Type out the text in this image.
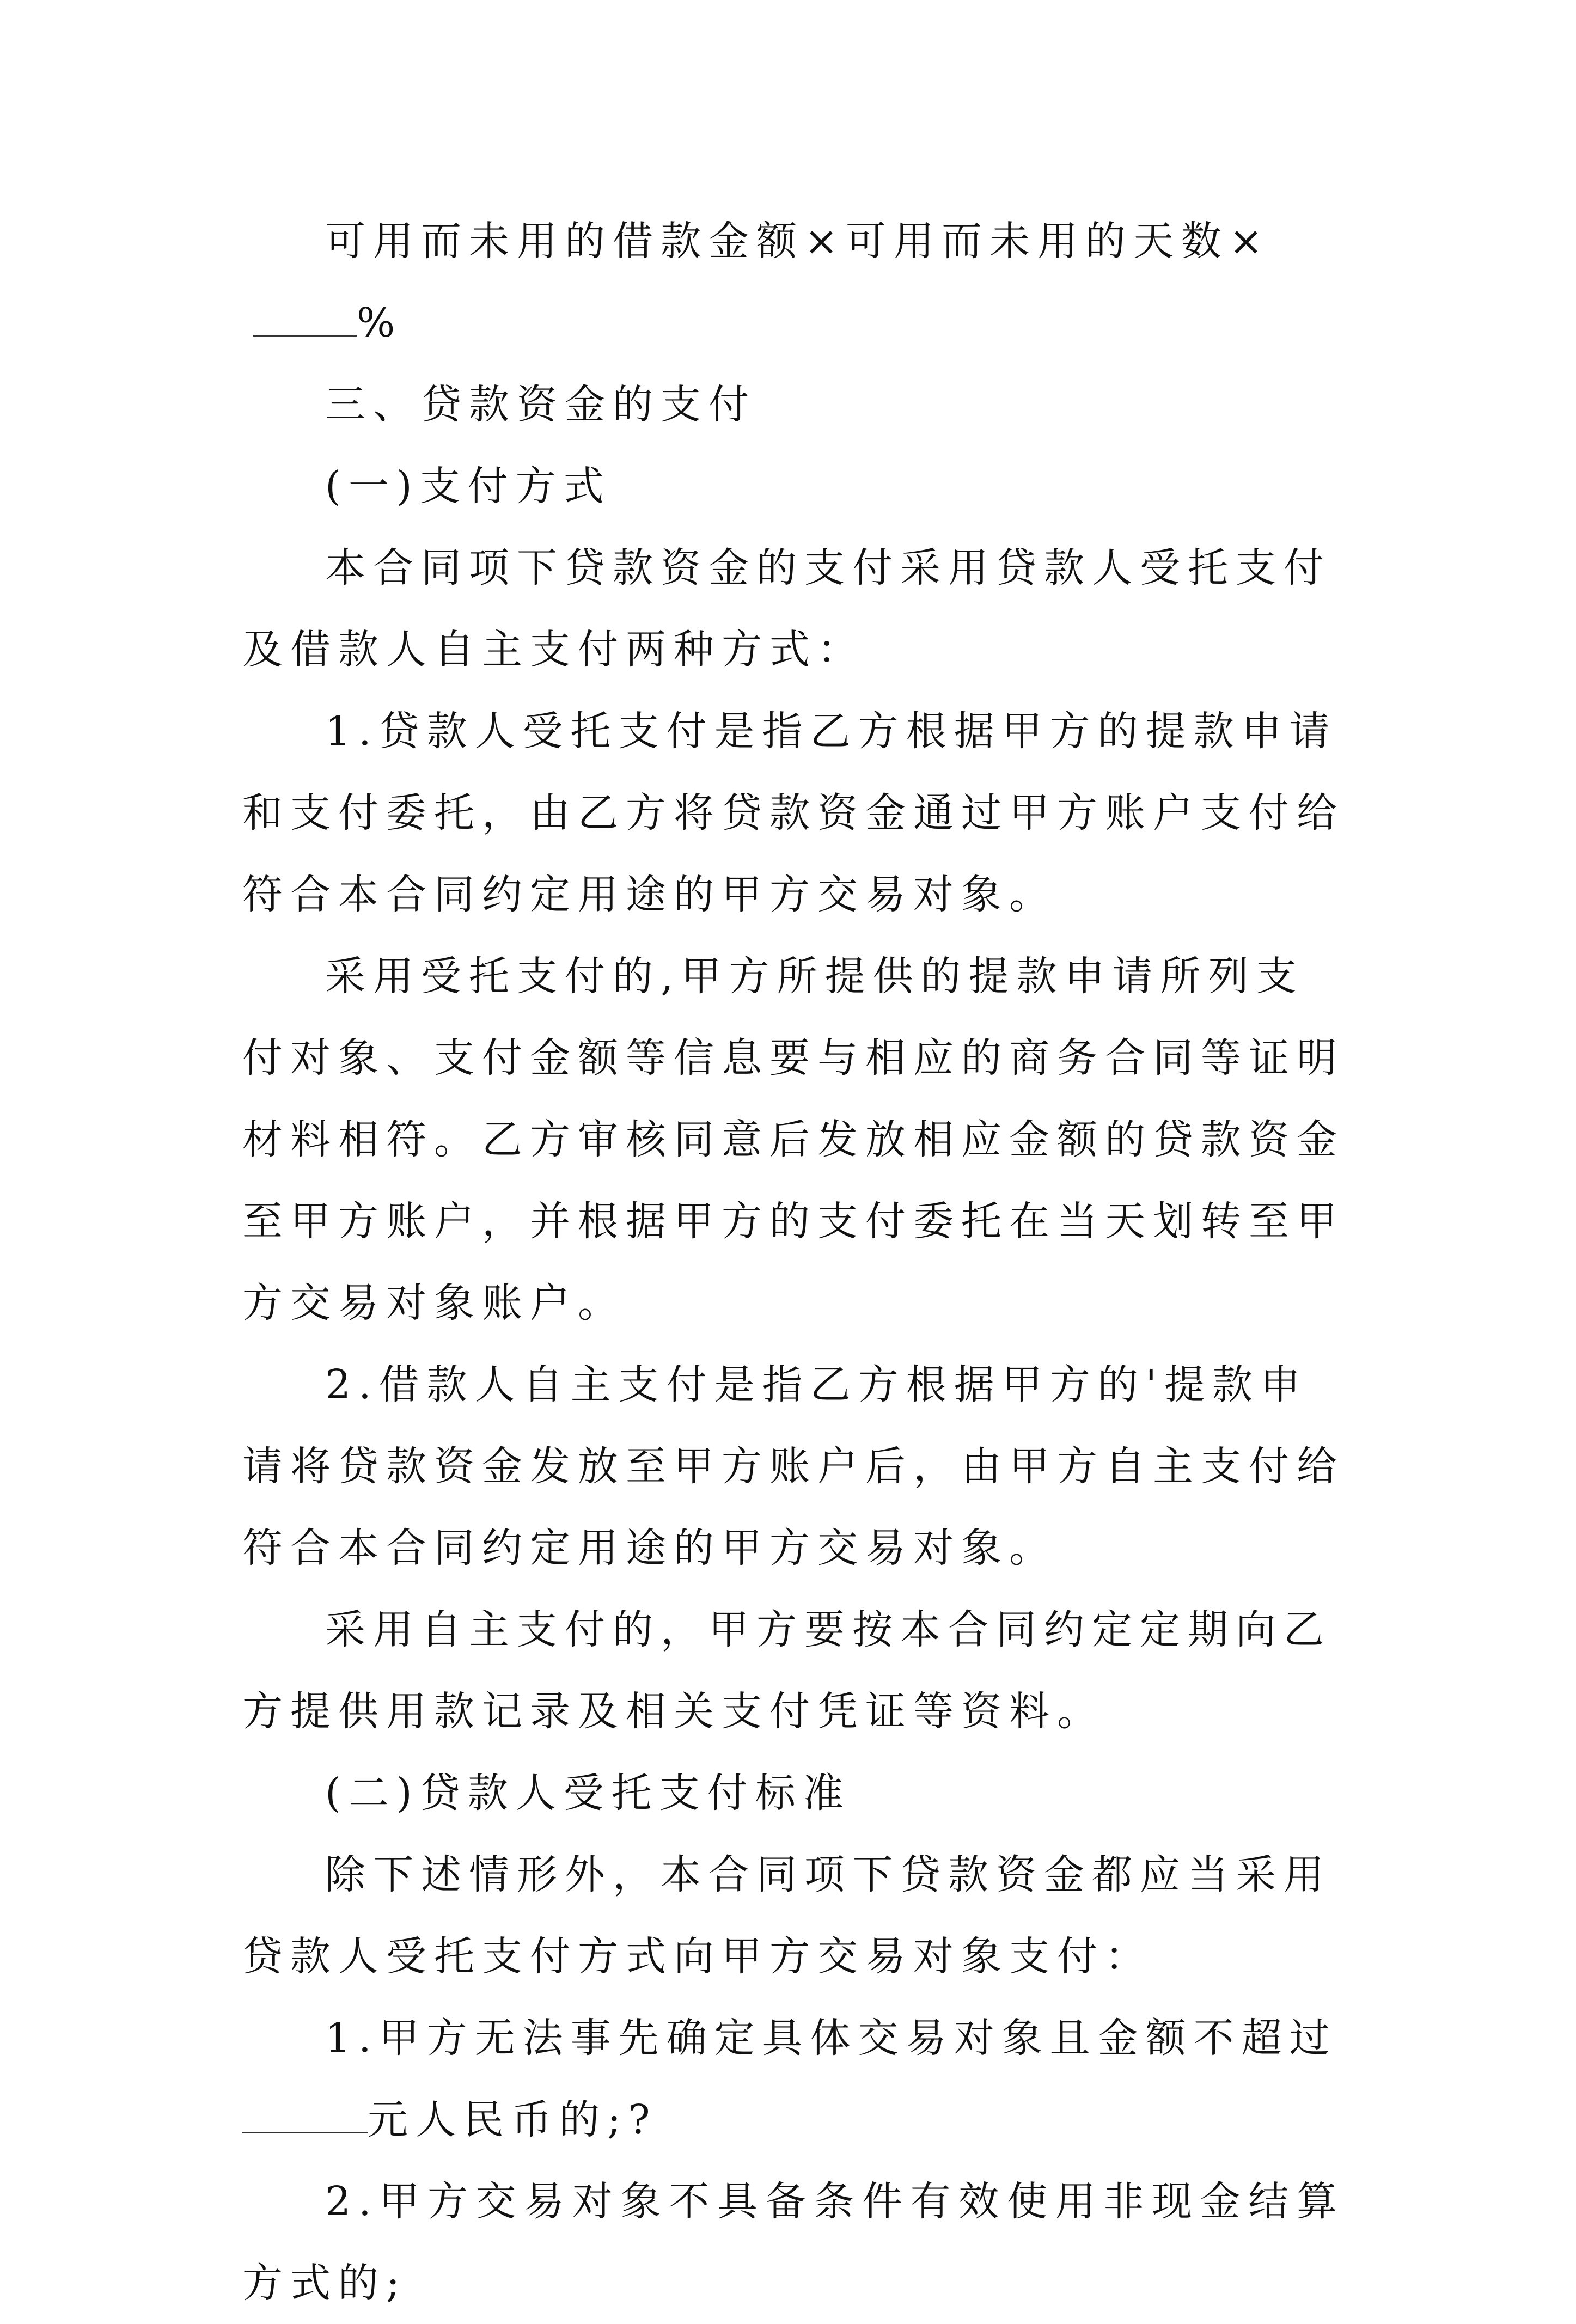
可用而未用的借款金额×可用而未用的天数×%

三、贷款资金的支付

(一)支付方式

本合同项下贷款资金的支付采用贷款人受托支付及借款人自主支付两种方式：

1.贷款人受托支付是指乙方根据甲方的提款申请和支付委托，由乙方将贷款资金通过甲方账户支付给符合本合同约定用途的甲方交易对象。

采用受托支付的,甲方所提供的提款申请所列支付对象、支付金额等信息要与相应的商务合同等证明材料相符。乙方审核同意后发放相应金额的贷款资金至甲方账户，并根据甲方的支付委托在当天划转至甲方交易对象账户。

2.借款人自主支付是指乙方根据甲方的'提款申请将贷款资金发放至甲方账户后，由甲方自主支付给符合本合同约定用途的甲方交易对象。

采用自主支付的，甲方要按本合同约定定期向乙方提供用款记录及相关支付凭证等资料。

(二)贷款人受托支付标准

除下述情形外，本合同项下贷款资金都应当采用贷款人受托支付方式向甲方交易对象支付：

1.甲方无法事先确定具体交易对象且金额不超过元人民币的;?

2.甲方交易对象不具备条件有效使用非现金结算方式的;
